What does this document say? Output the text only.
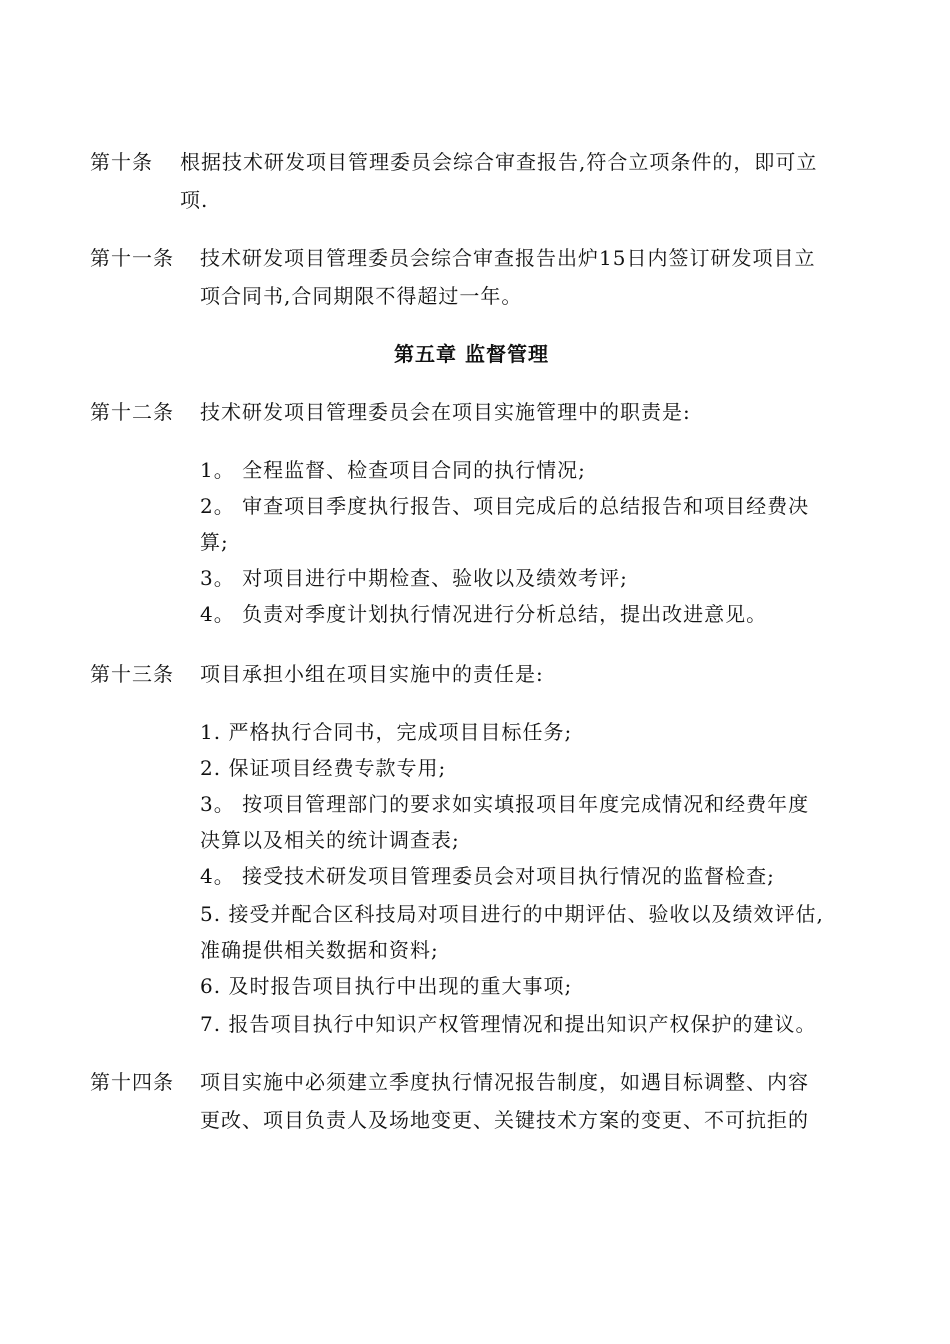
第十条 根据技术研发项目管理委员会综合审查报告,符合立项条件的，即可立
项.
第十一条 技术研发项目管理委员会综合审查报告出炉15日内签订研发项目立
项合同书,合同期限不得超过一年。
第五章 监督管理
第十二条 技术研发项目管理委员会在项目实施管理中的职责是:
1。 全程监督、检查项目合同的执行情况;
2。 审查项目季度执行报告、项目完成后的总结报告和项目经费决
算;
3。 对项目进行中期检查、验收以及绩效考评;
4。 负责对季度计划执行情况进行分析总结，提出改进意见。
第十三条 项目承担小组在项目实施中的责任是:
1. 严格执行合同书，完成项目目标任务;
2. 保证项目经费专款专用;
3。 按项目管理部门的要求如实填报项目年度完成情况和经费年度
决算以及相关的统计调查表;
4。 接受技术研发项目管理委员会对项目执行情况的监督检查;
5. 接受并配合区科技局对项目进行的中期评估、验收以及绩效评估,
准确提供相关数据和资料;
6. 及时报告项目执行中出现的重大事项;
7. 报告项目执行中知识产权管理情况和提出知识产权保护的建议。
第十四条 项目实施中必须建立季度执行情况报告制度，如遇目标调整、内容
更改、项目负责人及场地变更、关键技术方案的变更、不可抗拒的
